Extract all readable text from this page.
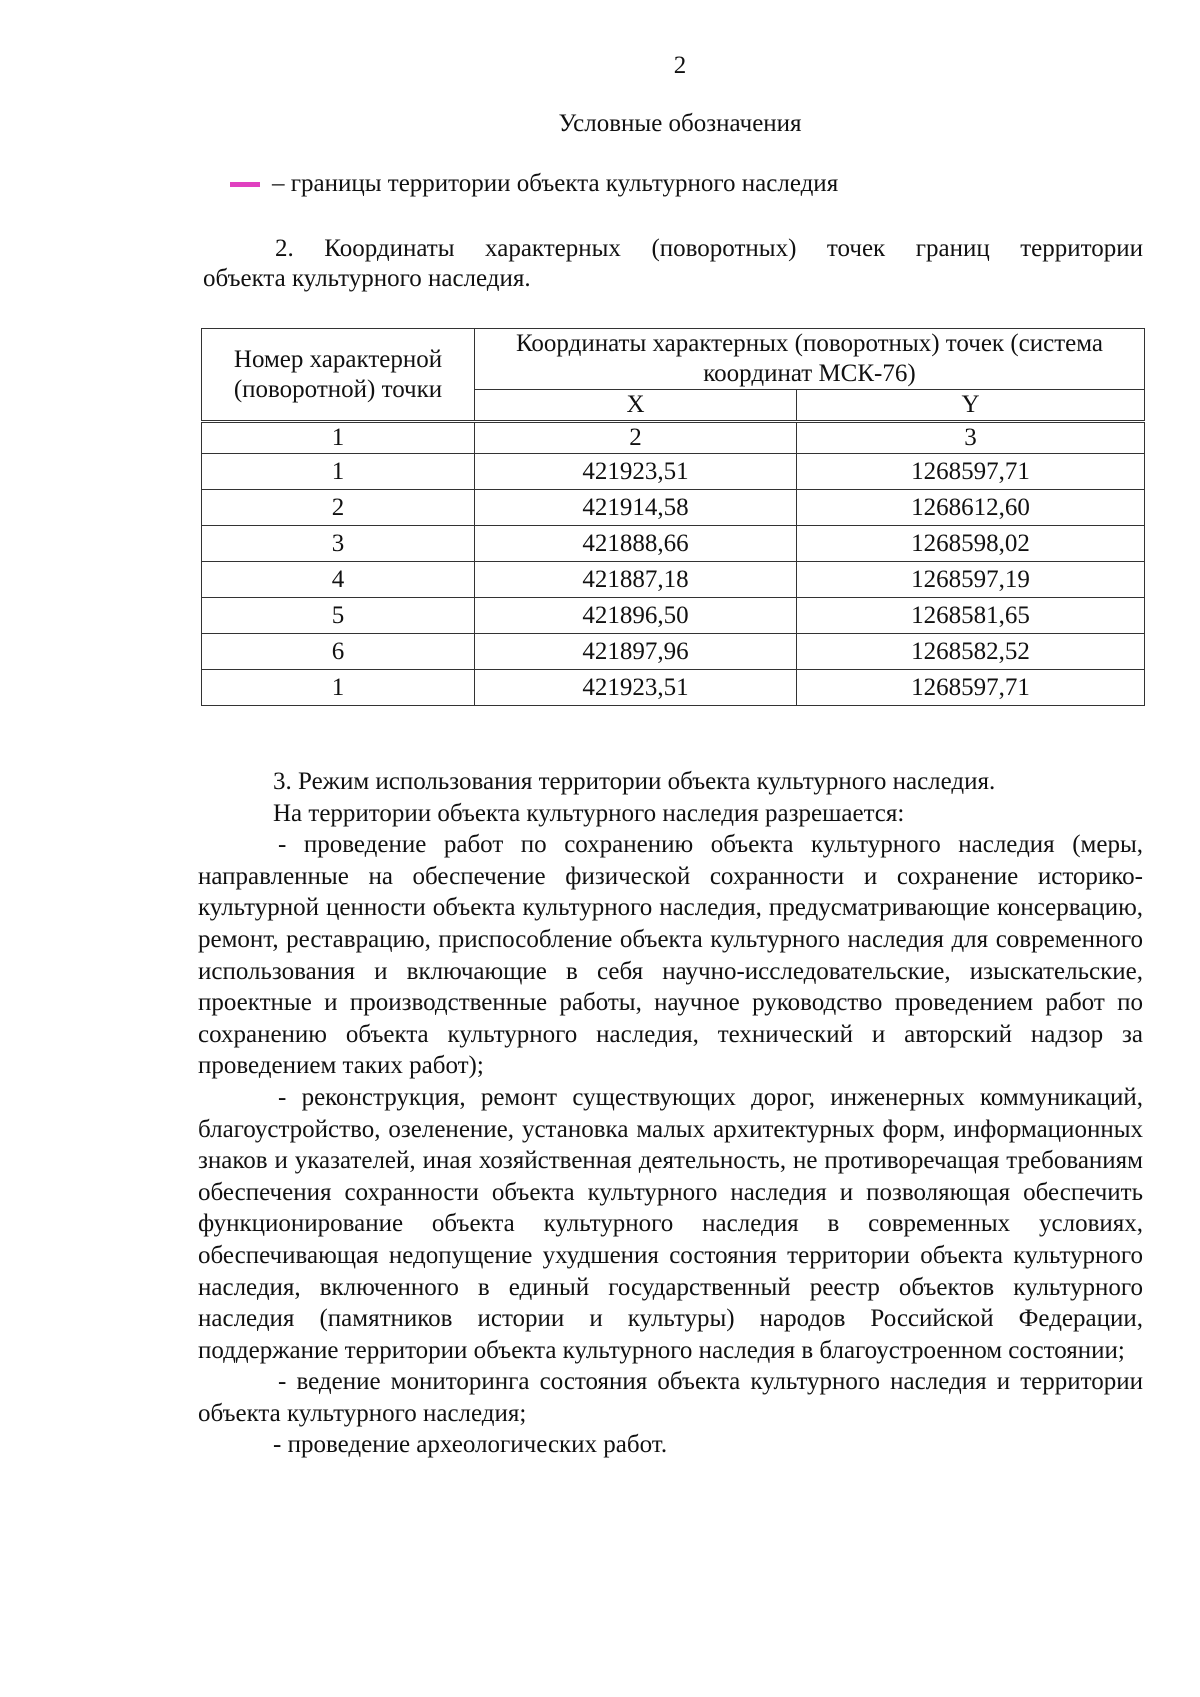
2
Условные обозначения
– границы территории объекта культурного наследия
2. Координаты характерных (поворотных) точек границ территории
объекта культурного наследия.
Номер характерной (поворотной) точки	Координаты характерных (поворотных) точек (система координат МСК-76)	
	X	Y
1	2	3
1	421923,51	1268597,71
2	421914,58	1268612,60
3	421888,66	1268598,02
4	421887,18	1268597,19
5	421896,50	1268581,65
6	421897,96	1268582,52
1	421923,51	1268597,71

3. Режим использования территории объекта культурного наследия.

На территории объекта культурного наследия разрешается:

- проведение работ по сохранению объекта культурного наследия (меры, направленные на обеспечение физической сохранности и сохранение историко-культурной ценности объекта культурного наследия, предусматривающие консервацию, ремонт, реставрацию, приспособление объекта культурного наследия для современного использования и включающие в себя научно-исследовательские, изыскательские, проектные и производственные работы, научное руководство проведением работ по сохранению объекта культурного наследия, технический и авторский надзор за проведением таких работ);

- реконструкция, ремонт существующих дорог, инженерных коммуникаций, благоустройство, озеленение, установка малых архитектурных форм, информационных знаков и указателей, иная хозяйственная деятельность, не противоречащая требованиям обеспечения сохранности объекта культурного наследия и позволяющая обеспечить функционирование объекта культурного наследия в современных условиях, обеспечивающая недопущение ухудшения состояния территории объекта культурного наследия, включенного в единый государственный реестр объектов культурного наследия (памятников истории и культуры) народов Российской Федерации, поддержание территории объекта культурного наследия в благоустроенном состоянии;

- ведение мониторинга состояния объекта культурного наследия и территории объекта культурного наследия;

- проведение археологических работ.
